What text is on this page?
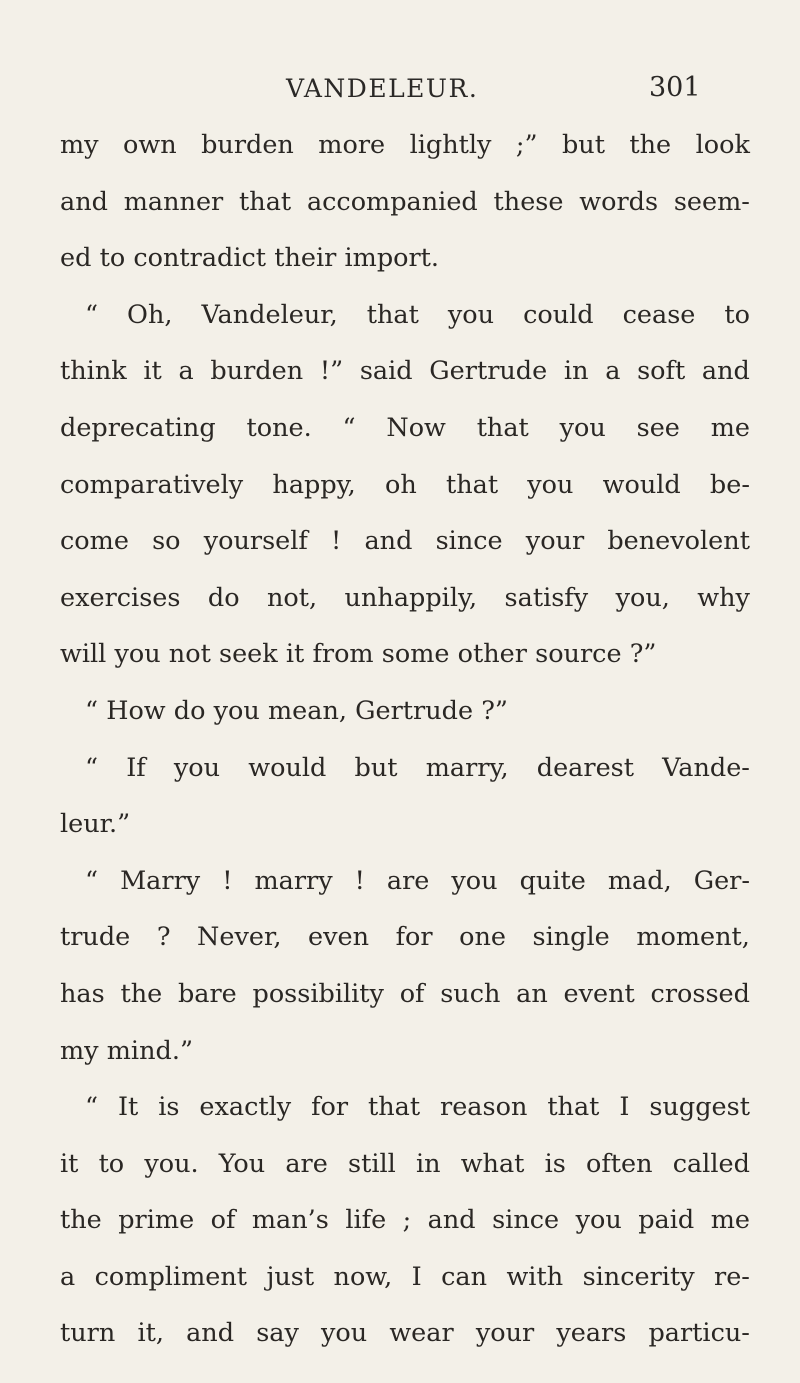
VANDELEUR.	301
my own burden more lightly ;” but the look
and manner that accompanied these words seem-
ed to contradict their import.
“ Oh, Vandeleur, that you could cease to
think it a burden !” said Gertrude in a soft and
deprecating tone. “ Now that you see me
comparatively happy, oh that you would be-
come so yourself ! and since your benevolent
exercises do not, unhappily, satisfy you, why
will you not seek it from some other source ?”
“ How do you mean, Gertrude ?”
“ If you would but marry, dearest Vande-
leur.”
“ Marry ! marry ! are you quite mad, Ger-
trude ? Never, even for one single moment,
has the bare possibility of such an event crossed
my mind.”
“ It is exactly for that reason that I suggest
it to you. You are still in what is often called
the prime of man’s life ; and since you paid me
a compliment just now, I can with sincerity re-
turn it, and say you wear your years particu-
